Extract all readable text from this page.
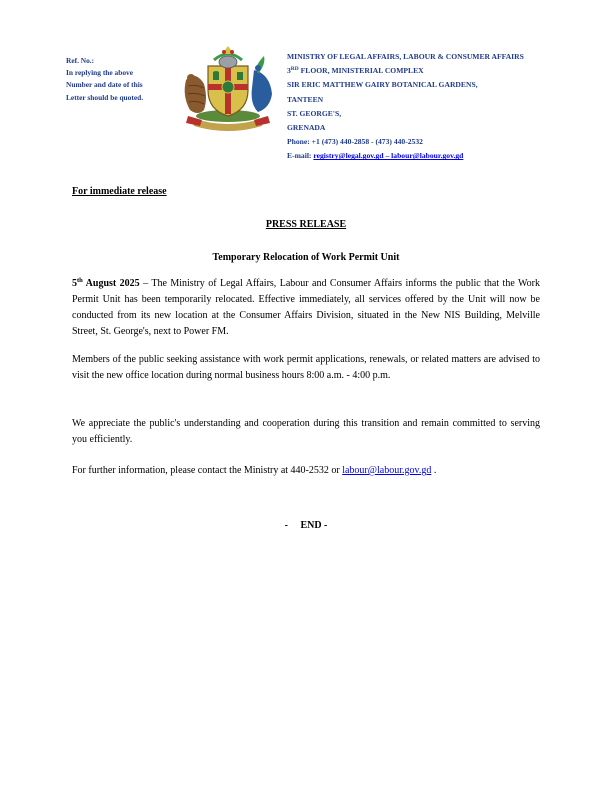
Ref. No.:
In replying the above
Number and date of this
Letter should be quoted.
MINISTRY OF LEGAL AFFAIRS, LABOUR & CONSUMER AFFAIRS
3RD FLOOR, MINISTERIAL COMPLEX
SIR ERIC MATTHEW GAIRY BOTANICAL GARDENS,
TANTEEN
ST. GEORGE'S,
GRENADA
Phone: +1 (473) 440-2858 - (473) 440-2532
E-mail: registry@legal.gov.gd – labour@labour.gov.gd
For immediate release
PRESS RELEASE
Temporary Relocation of Work Permit Unit
5th August 2025 – The Ministry of Legal Affairs, Labour and Consumer Affairs informs the public that the Work Permit Unit has been temporarily relocated. Effective immediately, all services offered by the Unit will now be conducted from its new location at the Consumer Affairs Division, situated in the New NIS Building, Melville Street, St. George's, next to Power FM.
Members of the public seeking assistance with work permit applications, renewals, or related matters are advised to visit the new office location during normal business hours 8:00 a.m. - 4:00 p.m.
We appreciate the public's understanding and cooperation during this transition and remain committed to serving you efficiently.
For further information, please contact the Ministry at 440-2532 or labour@labour.gov.gd .
-     END -
